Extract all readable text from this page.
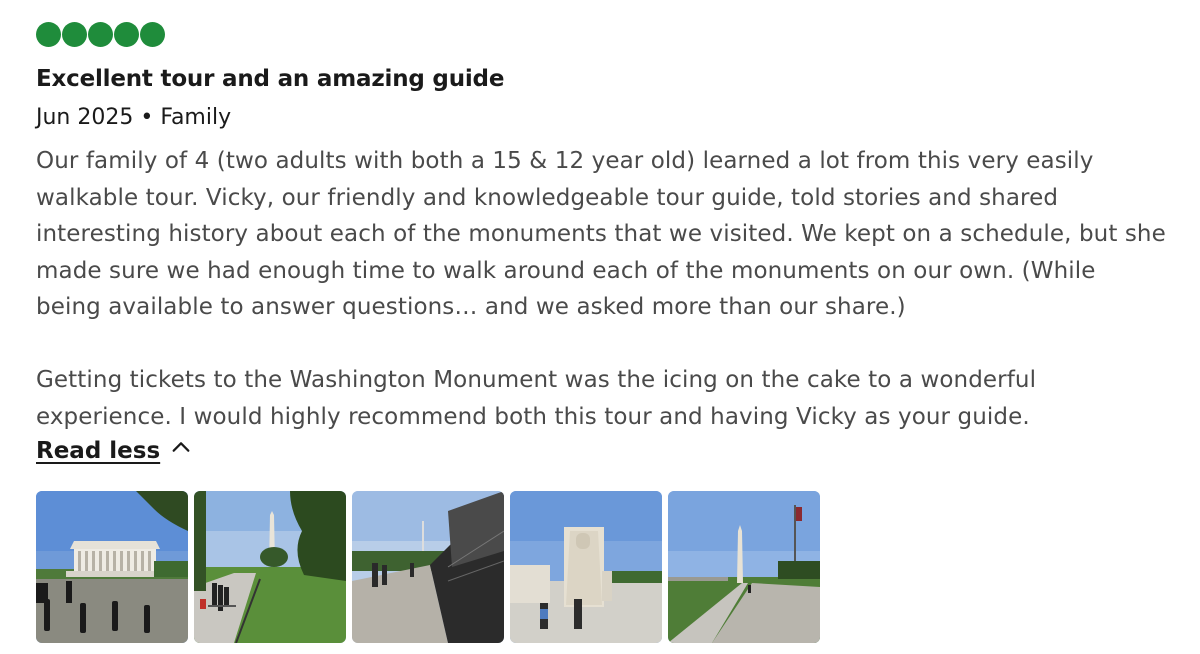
Excellent tour and an amazing guide
Jun 2025 • Family
Our family of 4 (two adults with both a 15 & 12 year old) learned a lot from this very easily walkable tour. Vicky, our friendly and knowledgeable tour guide, told stories and shared interesting history about each of the monuments that we visited. We kept on a schedule, but she made sure we had enough time to walk around each of the monuments on our own. (While being available to answer questions… and we asked more than our share.)

Getting tickets to the Washington Monument was the icing on the cake to a wonderful experience. I would highly recommend both this tour and having Vicky as your guide.
Read less
